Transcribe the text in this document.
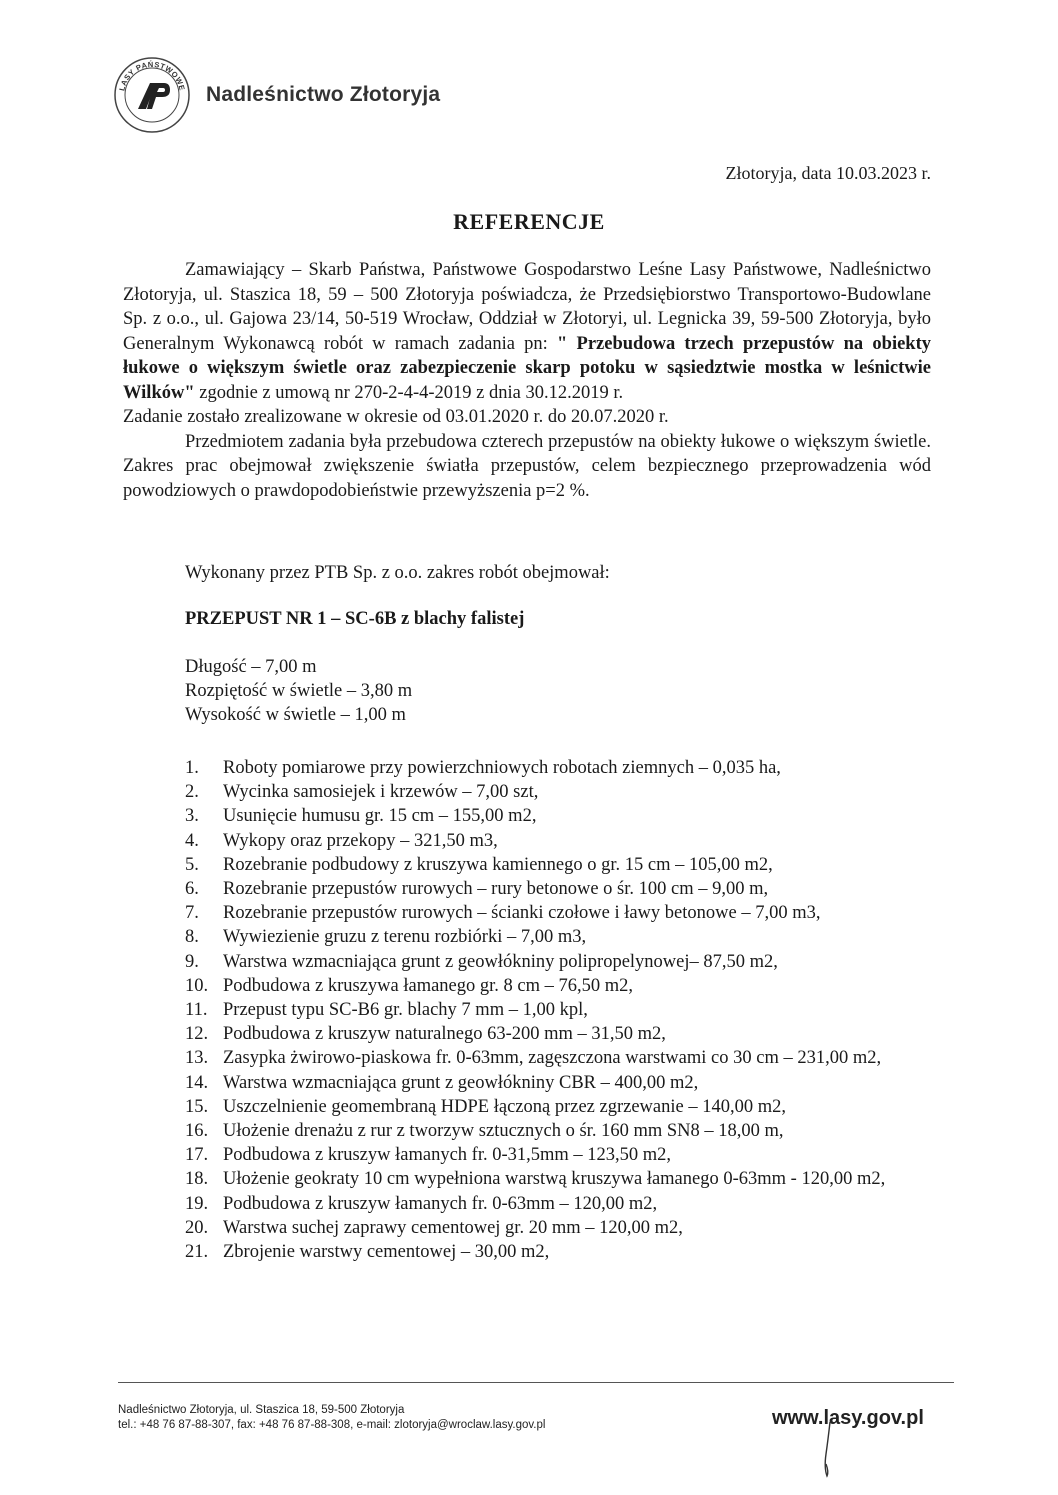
LASY PAŃSTWOWE Nadleśnictwo Złotoryja
Złotoryja, data 10.03.2023 r.
REFERENCJE

Zamawiający – Skarb Państwa, Państwowe Gospodarstwo Leśne Lasy Państwowe, Nadleśnictwo Złotoryja, ul. Staszica 18, 59 – 500 Złotoryja poświadcza, że Przedsiębiorstwo Transportowo-Budowlane Sp. z o.o., ul. Gajowa 23/14, 50-519 Wrocław, Oddział w Złotoryi, ul. Legnicka 39, 59-500 Złotoryja, było Generalnym Wykonawcą robót w ramach zadania pn: " Przebudowa trzech przepustów na obiekty łukowe o większym świetle oraz zabezpieczenie skarp potoku w sąsiedztwie mostka w leśnictwie Wilków" zgodnie z umową nr 270-2-4-4-2019 z dnia 30.12.2019 r.

Zadanie zostało zrealizowane w okresie od 03.01.2020 r. do 20.07.2020 r.

Przedmiotem zadania była przebudowa czterech przepustów na obiekty łukowe o większym świetle. Zakres prac obejmował zwiększenie światła przepustów, celem bezpiecznego przeprowadzenia wód powodziowych o prawdopodobieństwie przewyższenia p=2 %.

Wykonany przez PTB Sp. z o.o. zakres robót obejmował:
PRZEPUST NR 1 – SC-6B z blachy falistej
Długość – 7,00 m
Rozpiętość w świetle – 3,80 m
Wysokość w świetle – 1,00 m
1.	Roboty pomiarowe przy powierzchniowych robotach ziemnych – 0,035 ha,
2.	Wycinka samosiejek i krzewów – 7,00 szt,
3.	Usunięcie humusu gr. 15 cm – 155,00 m2,
4.	Wykopy oraz przekopy – 321,50 m3,
5.	Rozebranie podbudowy z kruszywa kamiennego o gr. 15 cm – 105,00 m2,
6.	Rozebranie przepustów rurowych – rury betonowe o śr. 100 cm – 9,00 m,
7.	Rozebranie przepustów rurowych – ścianki czołowe i ławy betonowe – 7,00 m3,
8.	Wywiezienie gruzu z terenu rozbiórki – 7,00 m3,
9.	Warstwa wzmacniająca grunt z geowłókniny polipropelynowej– 87,50 m2,
10. Podbudowa z kruszywa łamanego gr. 8 cm – 76,50 m2,
11. Przepust typu SC-B6 gr. blachy 7 mm – 1,00 kpl,
12. Podbudowa z kruszyw naturalnego 63-200 mm – 31,50 m2,
13. Zasypka żwirowo-piaskowa fr. 0-63mm, zagęszczona warstwami co 30 cm – 231,00 m2,
14. Warstwa wzmacniająca grunt z geowłókniny CBR – 400,00 m2,
15. Uszczelnienie geomembraną HDPE łączoną przez zgrzewanie – 140,00 m2,
16. Ułożenie drenażu z rur z tworzyw sztucznych o śr. 160 mm SN8 – 18,00 m,
17. Podbudowa z kruszyw łamanych fr. 0-31,5mm – 123,50 m2,
18. Ułożenie geokraty 10 cm wypełniona warstwą kruszywa łamanego 0-63mm - 120,00 m2,
19. Podbudowa z kruszyw łamanych fr. 0-63mm – 120,00 m2,
20. Warstwa suchej zaprawy cementowej gr. 20 mm – 120,00 m2,
21. Zbrojenie warstwy cementowej – 30,00 m2,
Nadleśnictwo Złotoryja, ul. Staszica 18, 59-500 Złotoryja
tel.: +48 76 87-88-307, fax: +48 76 87-88-308, e-mail: zlotoryja@wroclaw.lasy.gov.pl	www.lasy.gov.pl
